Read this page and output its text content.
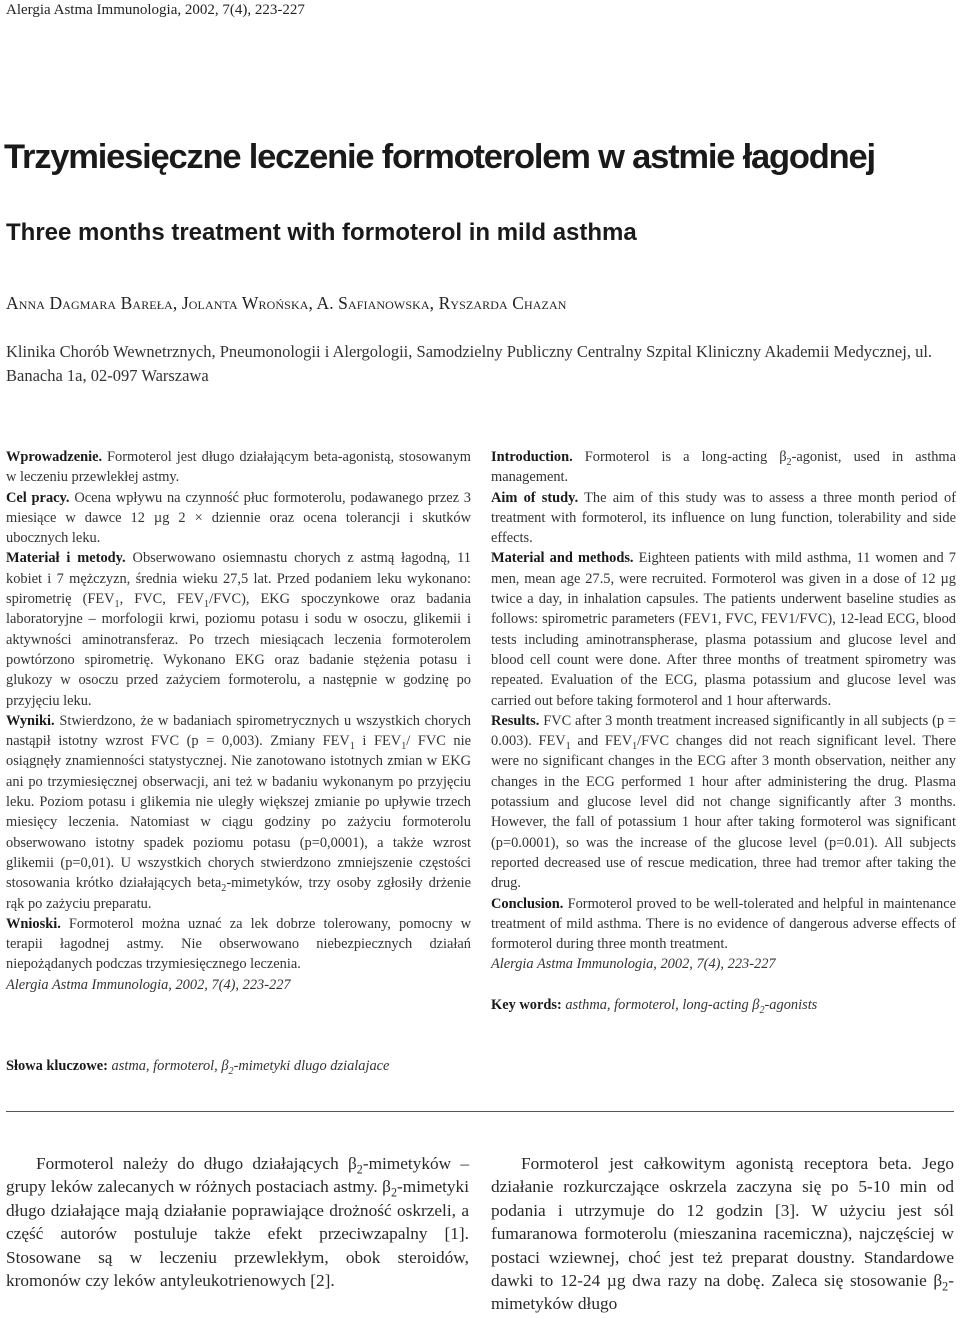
Alergia Astma Immunologia, 2002, 7(4), 223-227
Trzymiesięczne leczenie formoterolem w astmie łagodnej
Three months treatment with formoterol in mild asthma
Anna Dagmara Bareła, Jolanta Wrońska, A. Safianowska, Ryszarda Chazan
Klinika Chorób Wewnetrznych, Pneumonologii i Alergologii, Samodzielny Publiczny Centralny Szpital Kliniczny Akademii Medycznej, ul. Banacha 1a, 02-097 Warszawa

Wprowadzenie. Formoterol jest długo działającym beta-agonistą, stosowanym w leczeniu przewlekłej astmy.

Cel pracy. Ocena wpływu na czynność płuc formoterolu, podawanego przez 3 miesiące w dawce 12 µg 2 × dziennie oraz ocena tolerancji i skutków ubocznych leku.

Materiał i metody. Obserwowano osiemnastu chorych z astmą łagodną, 11 kobiet i 7 mężczyzn, średnia wieku 27,5 lat. Przed podaniem leku wykonano: spirometrię ($FEV_1$, FVC, $FEV_1/FVC$), EKG spoczynkowe oraz badania laboratoryjne – morfologii krwi, poziomu potasu i sodu w osoczu, glikemii i aktywności aminotransferaz. Po trzech miesiącach leczenia formoterolem powtórzono spirometrię. Wykonano EKG oraz badanie stężenia potasu i glukozy w osoczu przed zażyciem formoterolu, a następnie w godzinę po przyjęciu leku.

Wyniki. Stwierdzono, że w badaniach spirometrycznych u wszystkich chorych nastąpił istotny wzrost FVC (p = 0,003). Zmiany $FEV_1$ i $FEV_1/$ FVC nie osiągnęły znamienności statystycznej. Nie zanotowano istotnych zmian w EKG ani po trzymiesięcznej obserwacji, ani też w badaniu wykonanym po przyjęciu leku. Poziom potasu i glikemia nie uległy większej zmianie po upływie trzech miesięcy leczenia. Natomiast w ciągu godziny po zażyciu formoterolu obserwowano istotny spadek poziomu potasu (p=0,0001), a także wzrost glikemii (p=0,01). U wszystkich chorych stwierdzono zmniejszenie częstości stosowania krótko działających beta$_2$-mimetyków, trzy osoby zgłosiły drżenie rąk po zażyciu preparatu.

Wnioski. Formoterol można uznać za lek dobrze tolerowany, pomocny w terapii łagodnej astmy. Nie obserwowano niebezpiecznych działań niepożądanych podczas trzymiesięcznego leczenia.

Alergia Astma Immunologia, 2002, 7(4), 223-227

Słowa kluczowe: astma, formoterol, $\beta_2$-mimetyki dlugo dzialajace

Introduction. Formoterol is a long-acting $\beta_2$-agonist, used in asthma management.

Aim of study. The aim of this study was to assess a three month period of treatment with formoterol, its influence on lung function, tolerability and side effects.

Material and methods. Eighteen patients with mild asthma, 11 women and 7 men, mean age 27.5, were recruited. Formoterol was given in a dose of 12 µg twice a day, in inhalation capsules. The patients underwent baseline studies as follows: spirometric parameters (FEV1, FVC, FEV1/FVC), 12-lead ECG, blood tests including aminotranspherase, plasma potassium and glucose level and blood cell count were done. After three months of treatment spirometry was repeated. Evaluation of the ECG, plasma potassium and glucose level was carried out before taking formoterol and 1 hour afterwards.

Results. FVC after 3 month treatment increased significantly in all subjects (p = 0.003). $FEV_1$ and $FEV_1$/FVC changes did not reach significant level. There were no significant changes in the ECG after 3 month observation, neither any changes in the ECG performed 1 hour after administering the drug. Plasma potassium and glucose level did not change significantly after 3 months. However, the fall of potassium 1 hour after taking formoterol was significant (p=0.0001), so was the increase of the glucose level (p=0.01). All subjects reported decreased use of rescue medication, three had tremor after taking the drug.

Conclusion. Formoterol proved to be well-tolerated and helpful in maintenance treatment of mild asthma. There is no evidence of dangerous adverse effects of formoterol during three month treatment.

Alergia Astma Immunologia, 2002, 7(4), 223-227

Key words: asthma, formoterol, long-acting $\beta_2$-agonists

Formoterol należy do długo działających $\beta_2$-mimetyków – grupy leków zalecanych w różnych postaciach astmy. $\beta_2$-mimetyki długo działające mają działanie poprawiające drożność oskrzeli, a część autorów postuluje także efekt przeciwzapalny [1]. Stosowane są w leczeniu przewlekłym, obok steroidów, kromonów czy leków antyleukotrienowych [2].

Formoterol jest całkowitym agonistą receptora beta. Jego działanie rozkurczające oskrzela zaczyna się po 5-10 min od podania i utrzymuje do 12 godzin [3]. W użyciu jest sól fumaranowa formoterolu (mieszanina racemiczna), najczęściej w postaci wziewnej, choć jest też preparat doustny. Standardowe dawki to 12-24 µg dwa razy na dobę. Zaleca się stosowanie $\beta_2$-mimetyków długo
